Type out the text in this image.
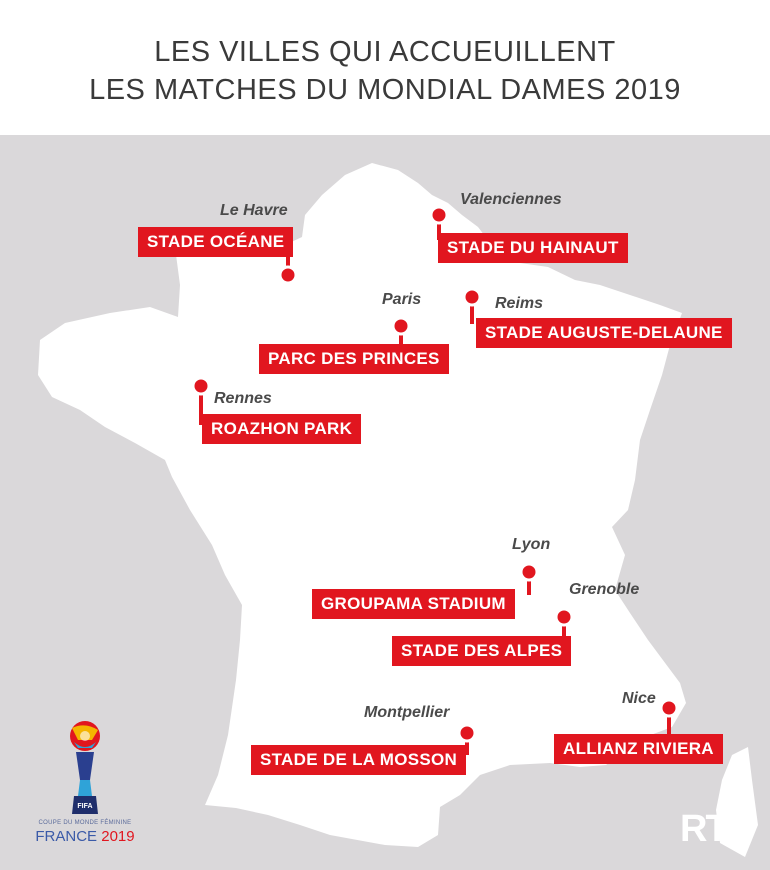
LES VILLES QUI ACCUEUILLENT
LES MATCHES DU MONDIAL DAMES 2019
Le Havre
STADE OCÉANE
Valenciennes
STADE DU HAINAUT
Paris
PARC DES PRINCES
Reims
STADE AUGUSTE-DELAUNE
Rennes
ROAZHON PARK
Lyon
GROUPAMA STADIUM
Grenoble
STADE DES ALPES
Montpellier
STADE DE LA MOSSON
Nice
ALLIANZ RIVIERA
FIFA
COUPE DU MONDE FÉMININE
FRANCE 2019	RTL
